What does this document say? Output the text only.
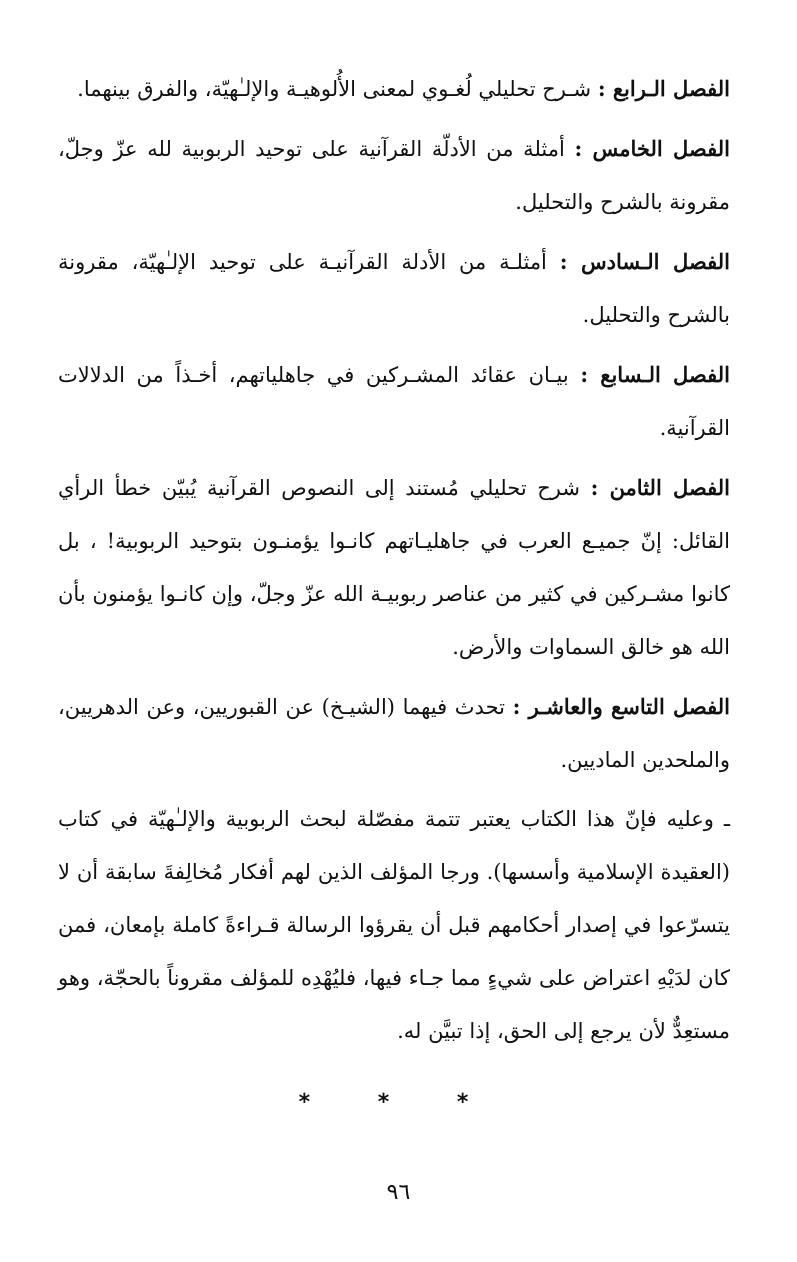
الفصل الـرابع : شـرح تحليلي لُغـوي لمعنى الأُلوهيـة والإلـٰهيّة، والفرق بينهما.

الفصل الخامس : أمثلة من الأدلّة القرآنية على توحيد الربوبية لله عزّ وجلّ، مقرونة بالشرح والتحليل.

الفصل الـسادس : أمثلـة من الأدلة القرآنيـة على توحيد الإلـٰهيّة، مقرونة بالشرح والتحليل.

الفصل الـسابع : بيـان عقائد المشـركين في جاهلياتهم، أخـذاً من الدلالات القرآنية.

الفصل الثامن : شرح تحليلي مُستند إلى النصوص القرآنية يُبيّن خطأ الرأي القائل: إنّ جميـع العرب في جاهليـاتهم كانـوا يؤمنـون بتوحيد الربوبية! ، بل كانوا مشـركين في كثير من عناصر ربوبيـة الله عزّ وجلّ، وإن كانـوا يؤمنون بأن الله هو خالق السماوات والأرض.

الفصل التاسع والعاشـر : تحدث فيهما (الشيـخ) عن القبوريين، وعن الدهريين، والملحدين الماديين.

ـ وعليه فإنّ هذا الكتاب يعتبر تتمة مفصّلة لبحث الربوبية والإلـٰهيّة في كتاب (العقيدة الإسلامية وأسسها). ورجا المؤلف الذين لهم أفكار مُخالِفةَ سابقة أن لا يتسرّعوا في إصدار أحكامهم قبل أن يقرؤوا الرسالة قـراءةً كاملة بإمعان، فمن كان لدَيْهِ اعتراض على شيءٍ مما جـاء فيها، فليُهْدِه للمؤلف مقروناً بالحجّة، وهو مستعِدٌّ لأن يرجع إلى الحق، إذا تبيَّن له.

* * *
٩٦
